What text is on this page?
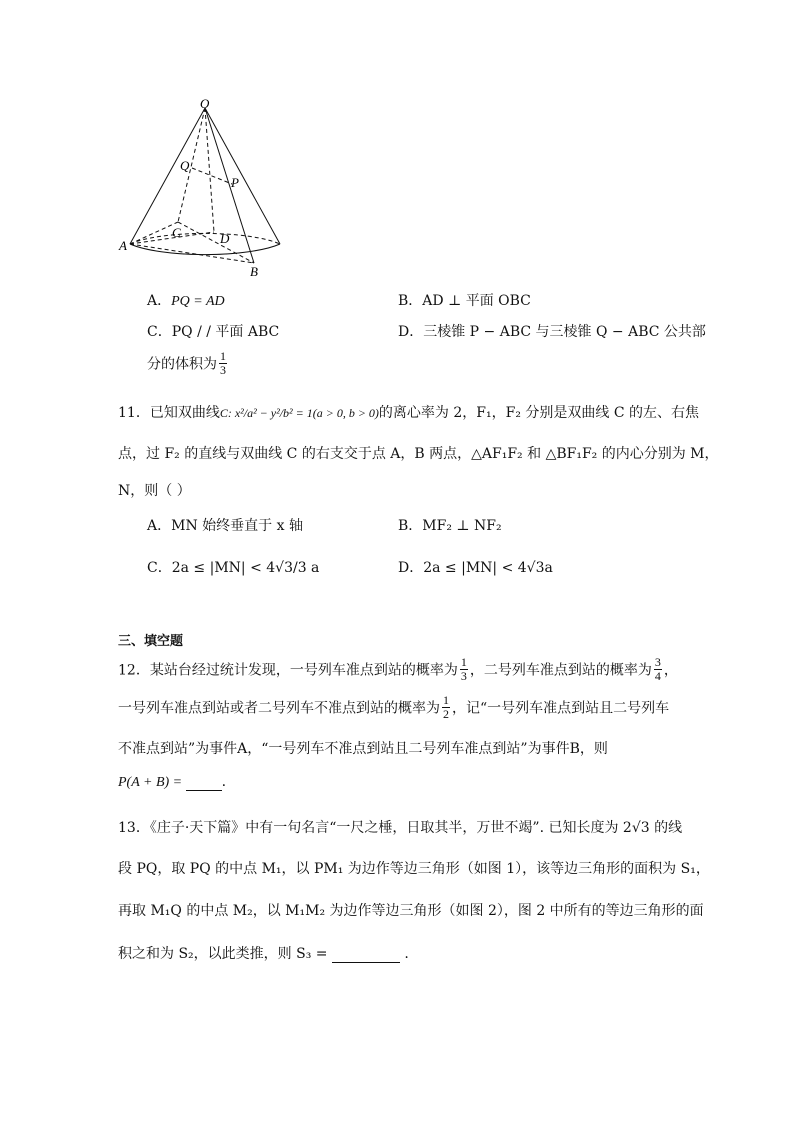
O
Q
P
C	D
A
B
A．PQ = AD	B．AD ⊥ 平面 OBC
C．PQ / / 平面 ABC	D．三棱锥 P − ABC 与三棱锥 Q − ABC 公共部
分的体积为 $\frac{1}{3}$
11．已知双曲线C: x²/a² − y²/b² = 1(a > 0, b > 0)的离心率为 2，F₁，F₂ 分别是双曲线 C 的左、右焦
点，过 F₂ 的直线与双曲线 C 的右支交于点 A，B 两点，△AF₁F₂ 和 △BF₁F₂ 的内心分别为 M，
N，则（ ）
A．MN 始终垂直于 x 轴	B．MF₂ ⊥ NF₂
C．2a ≤ |MN| < 4√3/3 a	D．2a ≤ |MN| < 4√3a
三、填空题
12．某站台经过统计发现，一号列车准点到站的概率为 $\frac{1}{3}$ ，二号列车准点到站的概率为 $\frac{3}{4}$ ，
一号列车准点到站或者二号列车不准点到站的概率为 $\frac{1}{2}$ ，记“一号列车准点到站且二号列车
不准点到站”为事件A，“一号列车不准点到站且二号列车准点到站”为事件B，则
P(A + B) =	.
13．《庄子·天下篇》中有一句名言“一尺之棰，日取其半，万世不竭”. 已知长度为 2√3 的线
段 PQ，取 PQ 的中点 M₁，以 PM₁ 为边作等边三角形（如图 1），该等边三角形的面积为 S₁，
再取 M₁Q 的中点 M₂，以 M₁M₂ 为边作等边三角形（如图 2），图 2 中所有的等边三角形的面
积之和为 S₂，以此类推，则 S₃ =	.
